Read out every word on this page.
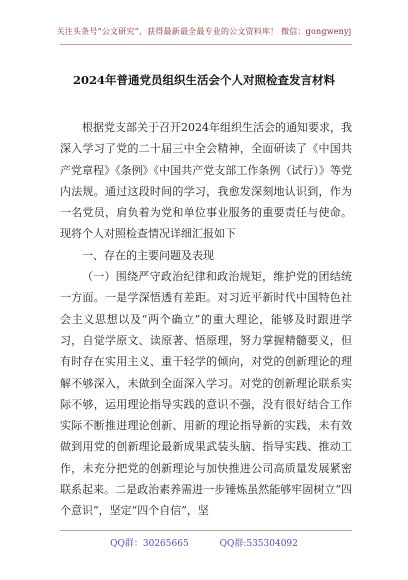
关注头条号“公文研究”，获得最新最全最专业的公文资料库！ 微信：gongwenyj
2024年普通党员组织生活会个人对照检查发言材料

根据党支部关于召开2024年组织生活会的通知要求，我深入学习了党的二十届三中全会精神，全面研读了《中国共产党章程》《条例》《中国共产党支部工作条例（试行）》等党内法规。通过这段时间的学习，我愈发深刻地认识到，作为一名党员，肩负着为党和单位事业服务的重要责任与使命。现将个人对照检查情况详细汇报如下

一、存在的主要问题及表现

（一）围绕严守政治纪律和政治规矩，维护党的团结统一方面。一是学深悟透有差距。对习近平新时代中国特色社会主义思想以及“两个确立”的重大理论，能够及时跟进学习，自觉学原文、读原著、悟原理，努力掌握精髓要义，但有时存在实用主义、重干轻学的倾向，对党的创新理论的理解不够深入，未做到全面深入学习。对党的创新理论联系实际不够，运用理论指导实践的意识不强，没有很好结合工作实际不断推进理论创新、用新的理论指导新的实践，未有效做到用党的创新理论最新成果武装头脑、指导实践、推动工作，未充分把党的创新理论与加快推进公司高质量发展紧密联系起来。二是政治素养需进一步锤炼虽然能够牢固树立“四个意识”，坚定“四个自信”，坚

QQ群：30265665	QQ群:535304092
